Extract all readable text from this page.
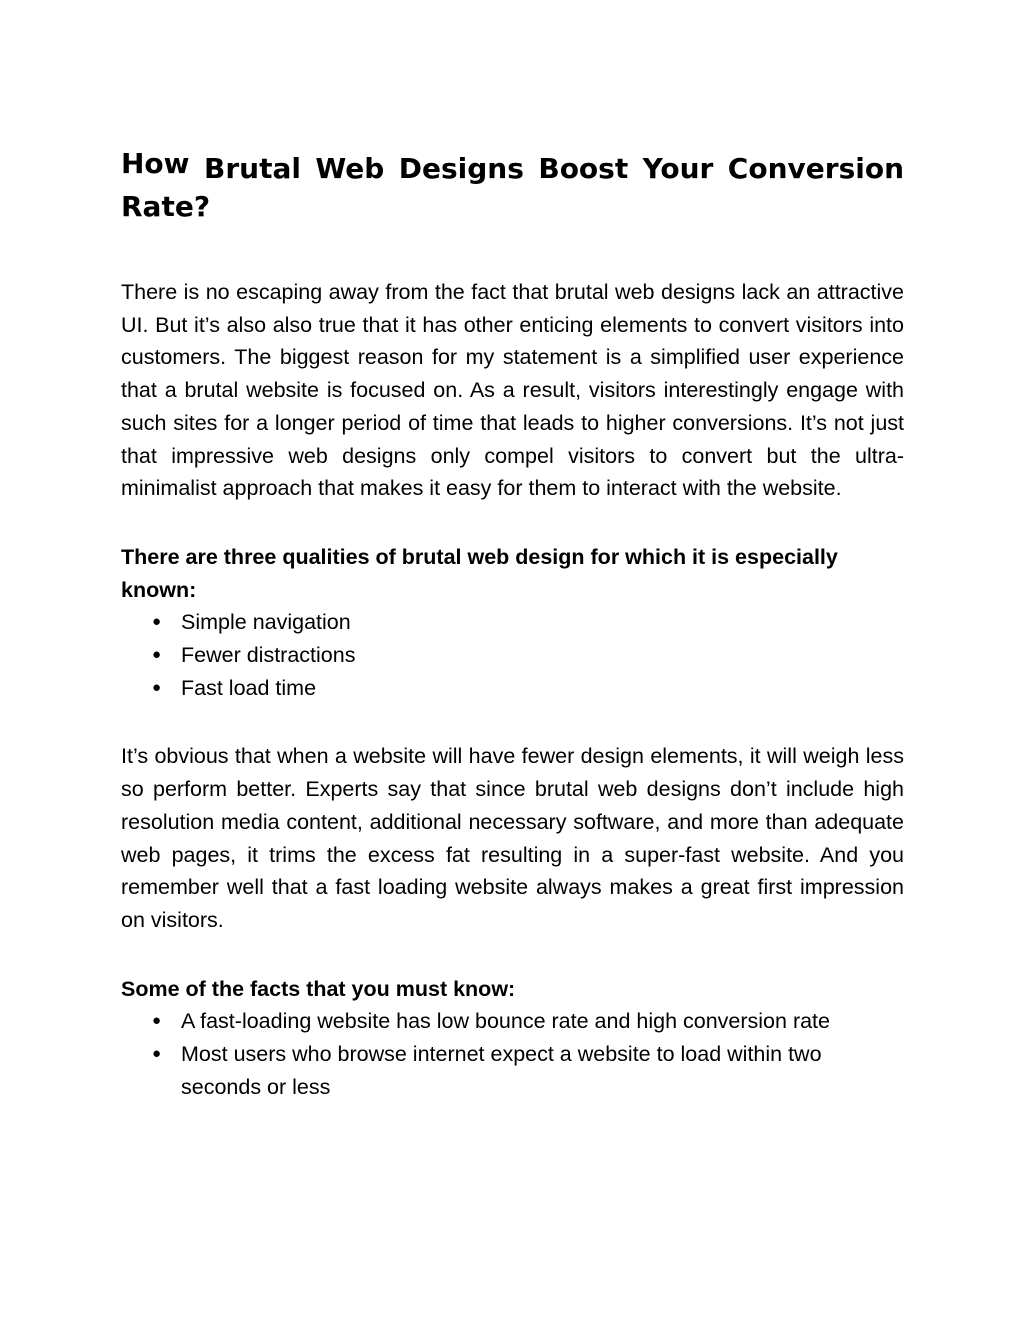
How Brutal Web Designs Boost Your Conversion Rate?

There is no escaping away from the fact that brutal web designs lack an attractive UI. But it’s also also true that it has other enticing elements to convert visitors into customers. The biggest reason for my statement is a simplified user experience that a brutal website is focused on. As a result, visitors interestingly engage with such sites for a longer period of time that leads to higher conversions. It’s not just that impressive web designs only compel visitors to convert but the ultra-minimalist approach that makes it easy for them to interact with the website.

There are three qualities of brutal web design for which it is especially known:

● Simple navigation
● Fewer distractions
● Fast load time

It’s obvious that when a website will have fewer design elements, it will weigh less so perform better. Experts say that since brutal web designs don’t include high resolution media content, additional necessary software, and more than adequate web pages, it trims the excess fat resulting in a super-fast website. And you remember well that a fast loading website always makes a great first impression on visitors.

Some of the facts that you must know:

● A fast-loading website has low bounce rate and high conversion rate
● Most users who browse internet expect a website to load within two seconds or less
